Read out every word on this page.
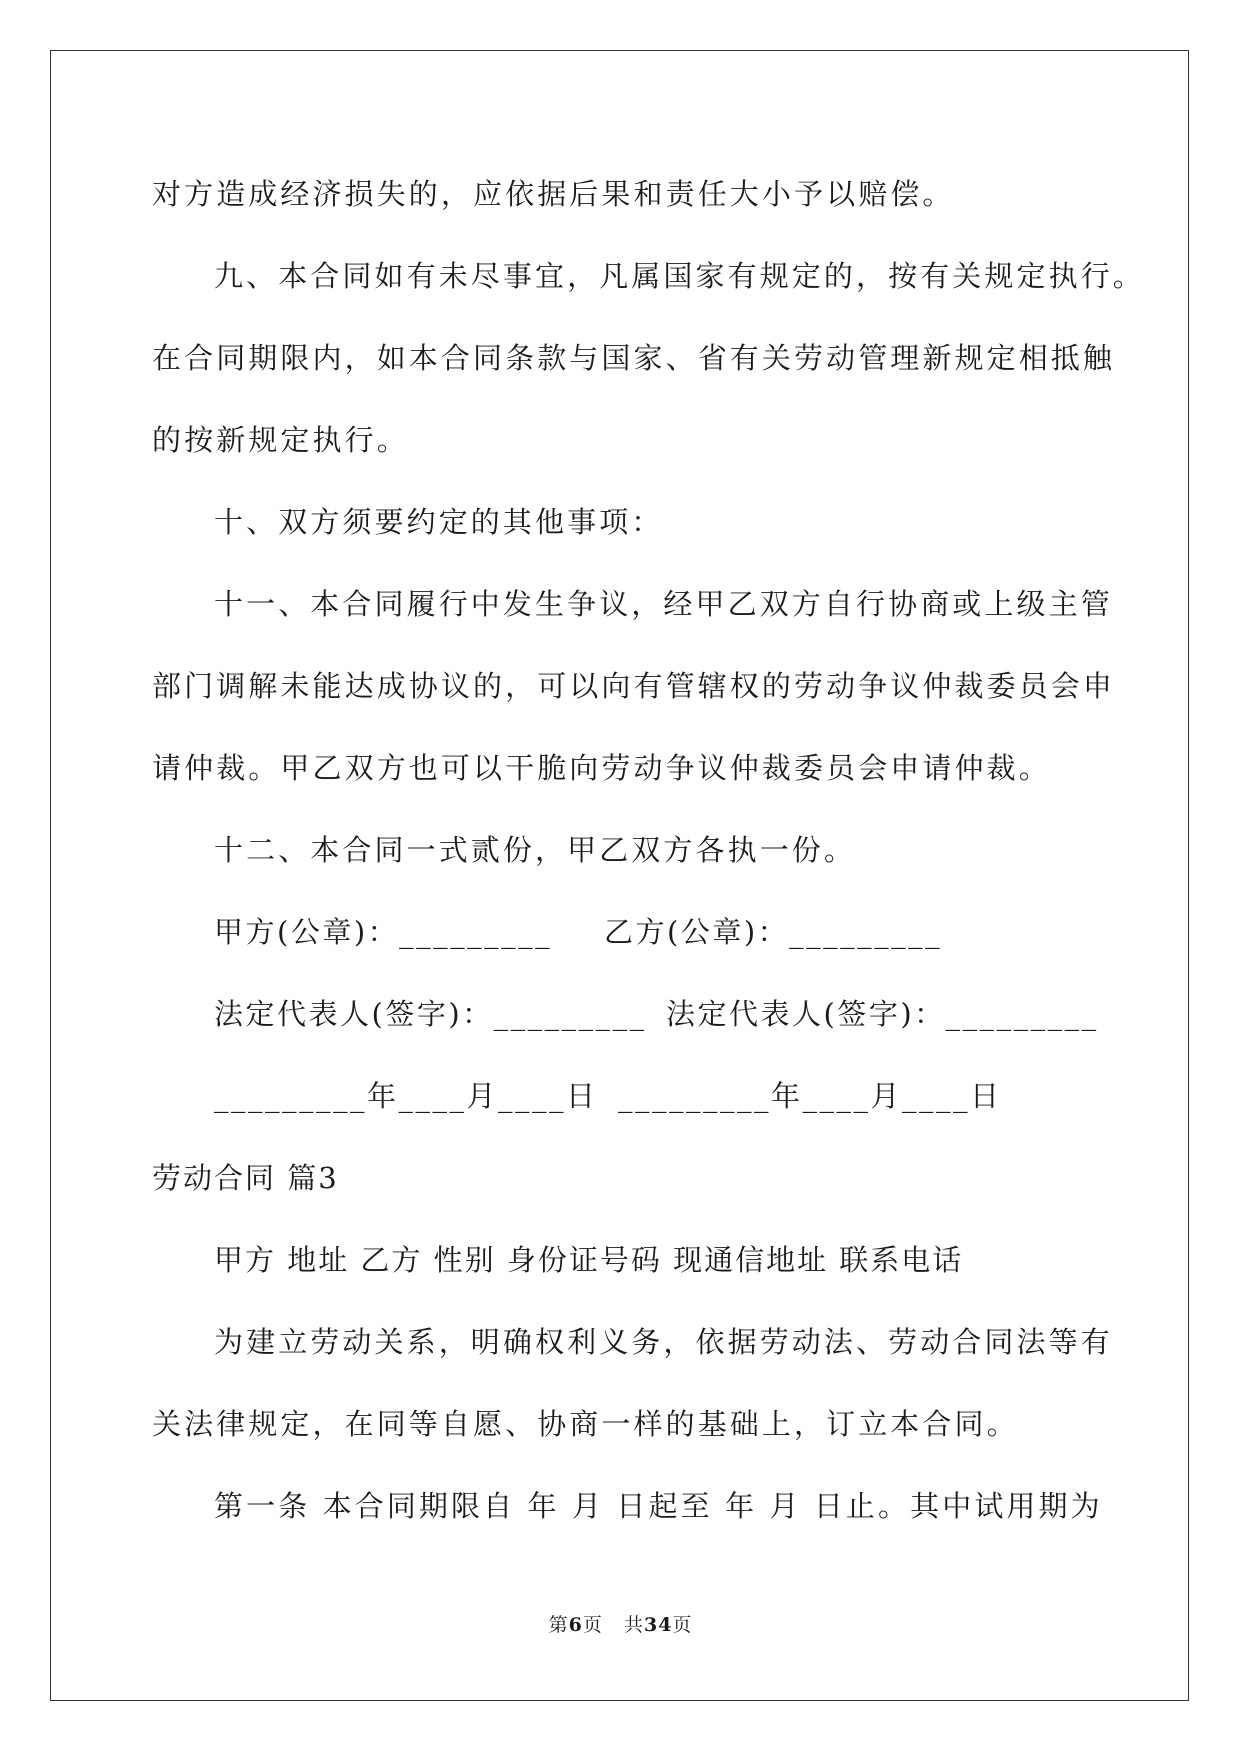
对方造成经济损失的，应依据后果和责任大小予以赔偿。
九、本合同如有未尽事宜，凡属国家有规定的，按有关规定执行。
在合同期限内，如本合同条款与国家、省有关劳动管理新规定相抵触
的按新规定执行。
十、双方须要约定的其他事项：
十一、本合同履行中发生争议，经甲乙双方自行协商或上级主管
部门调解未能达成协议的，可以向有管辖权的劳动争议仲裁委员会申
请仲裁。甲乙双方也可以干脆向劳动争议仲裁委员会申请仲裁。
十二、本合同一式贰份，甲乙双方各执一份。
甲方(公章)：_________ 乙方(公章)：_________
法定代表人(签字)：_________ 法定代表人(签字)：_________
_________年____月____日 _________年____月____日
劳动合同 篇3
甲方 地址 乙方 性别 身份证号码 现通信地址 联系电话
为建立劳动关系，明确权利义务，依据劳动法、劳动合同法等有
关法律规定，在同等自愿、协商一样的基础上，订立本合同。
第一条 本合同期限自 年 月 日起至 年 月 日止。其中试用期为
第6页 共34页
